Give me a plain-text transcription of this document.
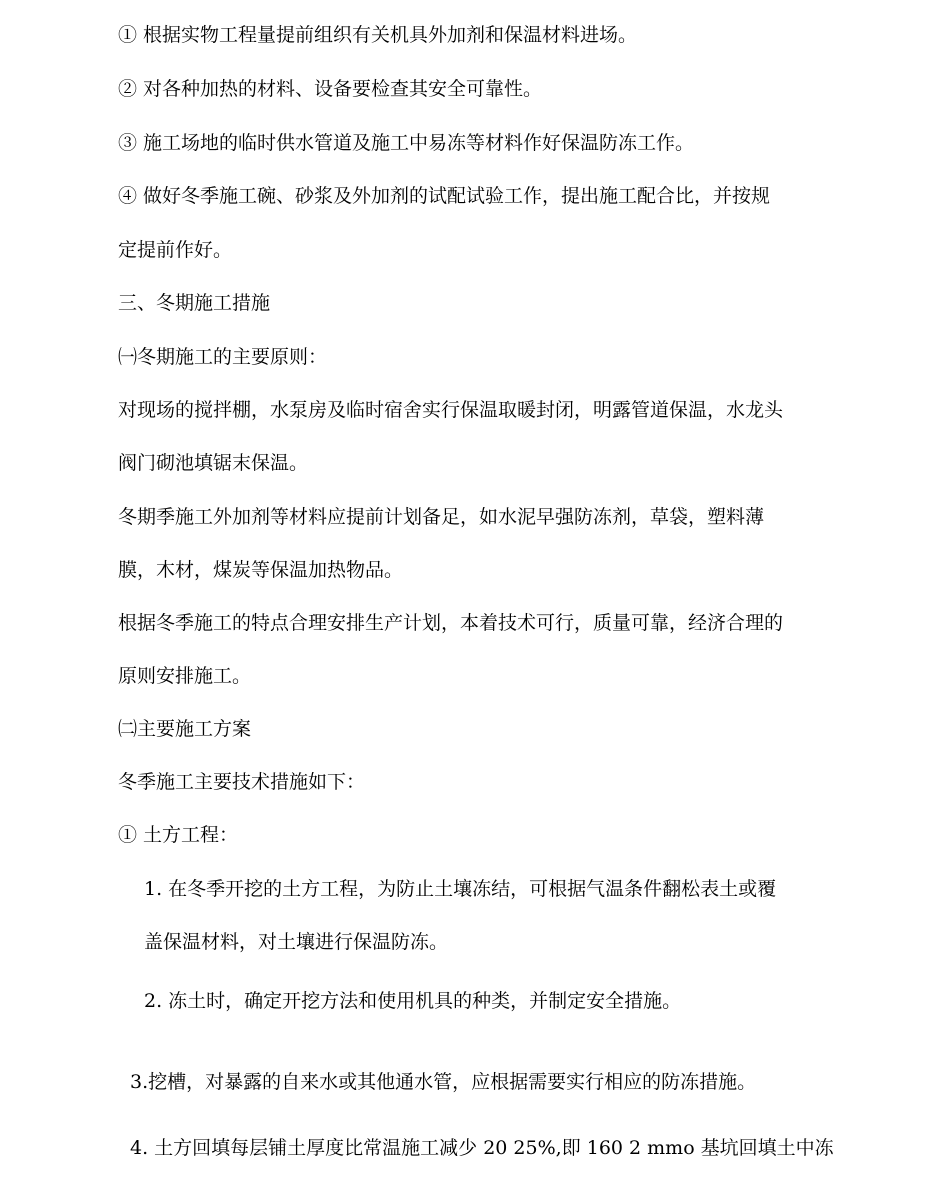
① 根据实物工程量提前组织有关机具外加剂和保温材料进场。
② 对各种加热的材料、设备要检查其安全可靠性。
③ 施工场地的临时供水管道及施工中易冻等材料作好保温防冻工作。
④ 做好冬季施工碗、砂浆及外加剂的试配试验工作，提出施工配合比，并按规
定提前作好。
三、冬期施工措施
㈠冬期施工的主要原则：
对现场的搅拌棚，水泵房及临时宿舍实行保温取暖封闭，明露管道保温，水龙头
阀门砌池填锯末保温。
冬期季施工外加剂等材料应提前计划备足，如水泥早强防冻剂，草袋，塑料薄
膜，木材，煤炭等保温加热物品。
根据冬季施工的特点合理安排生产计划，本着技术可行，质量可靠，经济合理的
原则安排施工。
㈡主要施工方案
冬季施工主要技术措施如下：
① 土方工程：
1. 在冬季开挖的土方工程，为防止土壤冻结，可根据气温条件翻松表土或覆
盖保温材料，对土壤进行保温防冻。
2. 冻土时，确定开挖方法和使用机具的种类，并制定安全措施。
3.挖槽，对暴露的自来水或其他通水管，应根据需要实行相应的防冻措施。
4. 土方回填每层铺土厚度比常温施工减少 20 25%,即 160 2 mmo 基坑回填土中冻
